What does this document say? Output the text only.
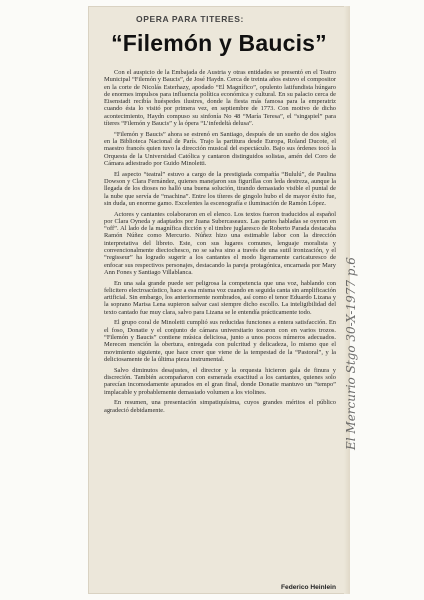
OPERA PARA TITERES:
“Filemón y Baucis”

Con el auspicio de la Embajada de Austria y otras entidades se presentó en el Teatro Municipal “Filemón y Baucis”, de José Haydn. Cerca de treinta años estuvo el compositor en la corte de Nicolás Esterhazy, apodado “El Magnífico”, opulento latifundista húngaro de enormes impulsos para influencia política económica y cultural. En su palacio cerca de Eisenstadt recibía huéspedes ilustres, donde la fiesta más famosa para la emperatriz cuando ésta lo visitó por primera vez, en septiembre de 1773. Con motivo de dicho acontecimiento, Haydn compuso su sinfonía No 48 “María Teresa”, el “singspiel” para títeres “Filemón y Baucis” y la ópera “L’infedeltà delusa”.

“Filemón y Baucis” ahora se estrenó en Santiago, después de un sueño de dos siglos en la Biblioteca Nacional de París. Trajo la partitura desde Europa, Roland Ducote, el maestro francés quien tuvo la dirección musical del espectáculo. Bajo sus órdenes tocó la Orquesta de la Universidad Católica y cantaron distinguidos solistas, amén del Coro de Cámara adiestrado por Guido Minoletti.

El aspecto “teatral” estuvo a cargo de la prestigiada compañía “Bululú”, de Paulina Dowson y Clara Fernández, quienes manejaron sus figurillas con leda destreza, aunque la llegada de los dioses no halló una buena solución, tirando demasiado visible el puntal de la nube que servía de “machina”. Entre los títeres de gingolo hubo el de mayor éxito fue, sin duda, un enorme gamo. Excelentes la escenografía e iluminación de Ramón López.

Actores y cantantes colaboraron en el elenco. Los textos fueron traducidos al español por Clara Oyneda y adaptados por Juana Subercaseaux. Las partes habladas se oyeron en “off”. Al lado de la magnífica dicción y el timbre juglaresco de Roberto Parada destacaba Ramón Núñez como Mercurio. Núñez hizo una estimable labor con la dirección interpretativa del libreto. Este, con sus lugares comunes, lenguaje moralista y convencionalmente dieciochesco, no se salva sino a través de una sutil ironización, y el “regisseur” ha logrado sugerir a los cantantes el modo ligeramente caricaturesco de enfocar sus respectivos personajes, destacando la pareja protagónica, encarnada por Mary Ann Fones y Santiago Villablanca.

En una sala grande puede ser peligrosa la competencia que una voz, hablando con felicitero electroacústico, hace a esa misma voz cuando en seguida canta sin amplificación artificial. Sin embargo, los anteriormente nombrados, así como el tenor Eduardo Lizana y la soprano Marisa Lena supieron salvar casi siempre dicho escollo. La inteligibilidad del texto cantado fue muy clara, salvo para Lizana se le entendía prácticamente todo.

El grupo coral de Minoletti cumplió sus reducidas funciones a entera satisfacción. En el foso, Donatie y el conjunto de cámara universitario tocaron con en varios trozos. “Filemón y Baucis” contiene música deliciosa, junto a unos pocos números adecuados. Merecen mención la obertura, entregada con pulcritud y delicadeza, lo mismo que el movimiento siguiente, que hace creer que viene de la tempestad de la “Pastoral”, y la deliciosamente de la última pieza instrumental.

Salvo diminutos desajustes, el director y la orquesta hicieron gala de finura y discreción. También acompañaron con esmerada exactitud a los cantantes, quienes solo parecían incomodamente apurados en el gran final, donde Donatie mantuvo un “tempo” implacable y probablemente demasiado volumen a los violines.

En resumen, una presentación simpatiquísima, cuyos grandes méritos el público agradeció debidamente.

Federico Heinlein
El Mercurio Stgo 30-X-1977 p.6
